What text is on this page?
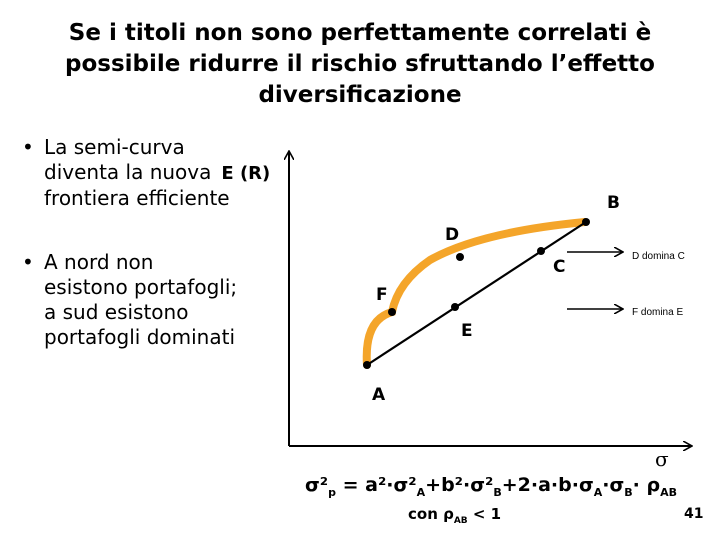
Se i titoli non sono perfettamente correlati è
possibile ridurre il rischio sfruttando l’effetto
diversificazione
• La semi-curva
diventa la nuova E (R)
frontiera efficiente
• A nord non
esistono portafogli;
a sud esistono
portafogli dominati
A
B
C
D
E
F
σ
D domina C
F domina E
$\sigma^2_p = a^2\cdot\sigma^2_A+b^2\cdot\sigma^2_B+2\cdot a\cdot b\cdot\sigma_A\cdot\sigma_B\cdot \rho_{AB}$
con $\rho_{AB} < 1$	41
